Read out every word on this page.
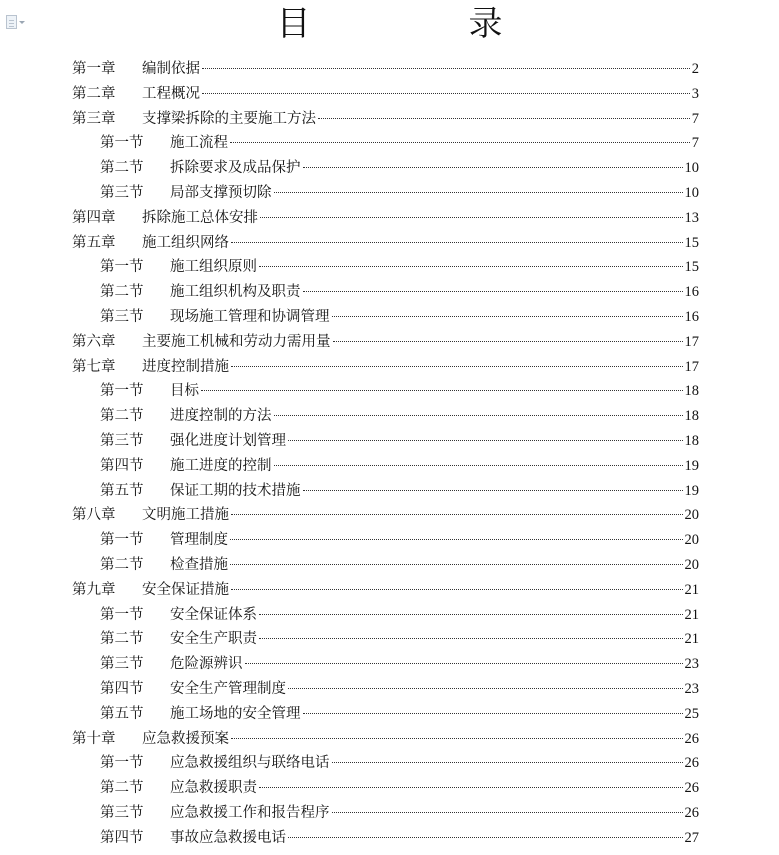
目　录
第一章	编制依据	2
第二章	工程概况	3
第三章	支撑梁拆除的主要施工方法	7
第一节	施工流程	7
第二节	拆除要求及成品保护	10
第三节	局部支撑预切除	10
第四章	拆除施工总体安排	13
第五章	施工组织网络	15
第一节	施工组织原则	15
第二节	施工组织机构及职责	16
第三节	现场施工管理和协调管理	16
第六章	主要施工机械和劳动力需用量	17
第七章	进度控制措施	17
第一节	目标	18
第二节	进度控制的方法	18
第三节	强化进度计划管理	18
第四节	施工进度的控制	19
第五节	保证工期的技术措施	19
第八章	文明施工措施	20
第一节	管理制度	20
第二节	检查措施	20
第九章	安全保证措施	21
第一节	安全保证体系	21
第二节	安全生产职责	21
第三节	危险源辨识	23
第四节	安全生产管理制度	23
第五节	施工场地的安全管理	25
第十章	应急救援预案	26
第一节	应急救援组织与联络电话	26
第二节	应急救援职责	26
第三节	应急救援工作和报告程序	26
第四节	事故应急救援电话	27
